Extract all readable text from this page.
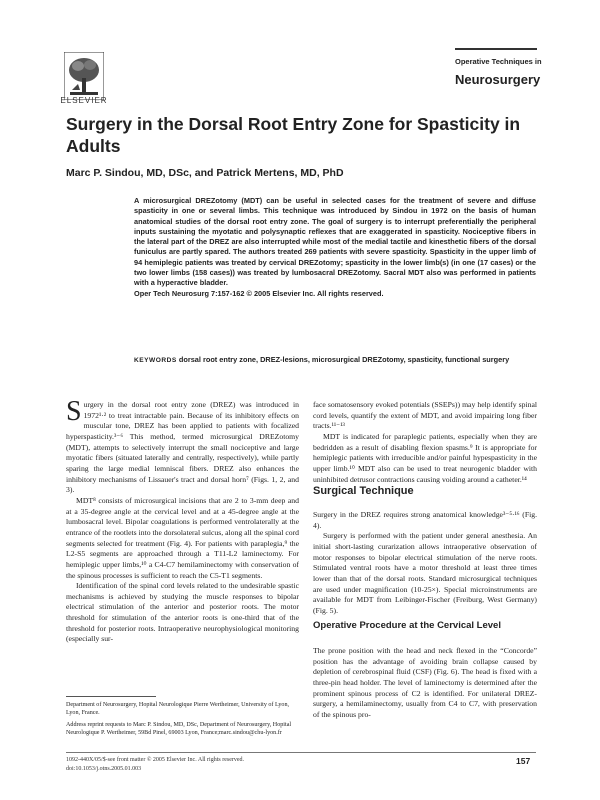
ELSEVIER
Operative Techniques in
Neurosurgery
Surgery in the Dorsal Root Entry Zone for Spasticity in Adults
Marc P. Sindou, MD, DSc, and Patrick Mertens, MD, PhD
A microsurgical DREZotomy (MDT) can be useful in selected cases for the treatment of severe and diffuse spasticity in one or several limbs. This technique was introduced by Sindou in 1972 on the basis of human anatomical studies of the dorsal root entry zone. The goal of surgery is to interrupt preferentially the peripheral inputs sustaining the myotatic and polysynaptic reflexes that are exaggerated in spasticity. Nociceptive fibers in the lateral part of the DREZ are also interrupted while most of the medial tactile and kinesthetic fibers of the dorsal funiculus are partly spared. The authors treated 269 patients with severe spasticity. Spasticity in the upper limb of 94 hemiplegic patients was treated by cervical DREZotomy; spasticity in the lower limb(s) (in one (17 cases) or the two lower limbs (158 cases)) was treated by lumbosacral DREZotomy. Sacral MDT also was performed in patients with a hyperactive bladder.
Oper Tech Neurosurg 7:157-162 © 2005 Elsevier Inc. All rights reserved.
KEYWORDS dorsal root entry zone, DREZ-lesions, microsurgical DREZotomy, spasticity, functional surgery

Surgery in the dorsal root entry zone (DREZ) was introduced in 1972¹·² to treat intractable pain. Because of its inhibitory effects on muscular tone, DREZ has been applied to patients with focalized hyperspasticity.³⁻⁶ This method, termed microsurgical DREZotomy (MDT), attempts to selectively interrupt the small nociceptive and large myotatic fibers (situated laterally and centrally, respectively), while partly sparing the large medial lemniscal fibers. DREZ also enhances the inhibitory mechanisms of Lissauer's tract and dorsal horn⁷ (Figs. 1, 2, and 3).

MDT⁸ consists of microsurgical incisions that are 2 to 3-mm deep and at a 35-degree angle at the cervical level and at a 45-degree angle at the lumbosacral level. Bipolar coagulations is performed ventrolaterally at the entrance of the rootlets into the dorsolateral sulcus, along all the spinal cord segments selected for treatment (Fig. 4). For patients with paraplegia,⁹ the L2-S5 segments are approached through a T11-L2 laminectomy. For hemiplegic upper limbs,¹⁰ a C4-C7 hemilaminectomy with conservation of the spinous processes is sufficient to reach the C5-T1 segments.

Identification of the spinal cord levels related to the undesirable spastic mechanisms is achieved by studying the muscle responses to bipolar electrical stimulation of the anterior and posterior roots. The motor threshold for stimulation of the anterior roots is one-third that of the threshold for posterior roots. Intraoperative neurophysiological monitoring (especially sur-

face somatosensory evoked potentials (SSEPs)) may help identify spinal cord levels, quantify the extent of MDT, and avoid impairing long fiber tracts.¹¹⁻¹³

MDT is indicated for paraplegic patients, especially when they are bedridden as a result of disabling flexion spasms.⁹ It is appropriate for hemiplegic patients with irreducible and/or painful hypespasticity in the upper limb.¹⁰ MDT also can be used to treat neurogenic bladder with uninhibited detrusor contractions causing voiding around a catheter.¹⁴

Surgical Technique

Surgery in the DREZ requires strong anatomical knowledge³⁻⁵·¹⁶ (Fig. 4).

Surgery is performed with the patient under general anesthesia. An initial short-lasting curarization allows intraoperative observation of motor responses to bipolar electrical stimulation of the nerve roots. Stimulated ventral roots have a motor threshold at least three times lower than that of the dorsal roots. Standard microsurgical techniques are used under magnification (10-25×). Special microinstruments are available for MDT from Leibinger-Fischer (Freiburg, West Germany) (Fig. 5).

Operative Procedure at the Cervical Level

The prone position with the head and neck flexed in the “Concorde” position has the advantage of avoiding brain collapse caused by depletion of cerebrospinal fluid (CSF) (Fig. 6). The head is fixed with a three-pin head holder. The level of laminectomy is determined after the prominent spinous process of C2 is identified. For unilateral DREZ-surgery, a hemilaminectomy, usually from C4 to C7, with preservation of the spinous pro-

Department of Neurosurgery, Hopital Neurologique Pierre Wertheimer, University of Lyon, Lyon, France.
Address reprint requests to Marc P. Sindou, MD, DSc, Department of Neurosurgery, Hopital Neurologique P. Wertheimer, 59Bd Pinel, 69003 Lyon, France;marc.sindou@chu-lyon.fr
1092-440X/05/$-see front matter © 2005 Elsevier Inc. All rights reserved.
doi:10.1053/j.otns.2005.01.003
157
